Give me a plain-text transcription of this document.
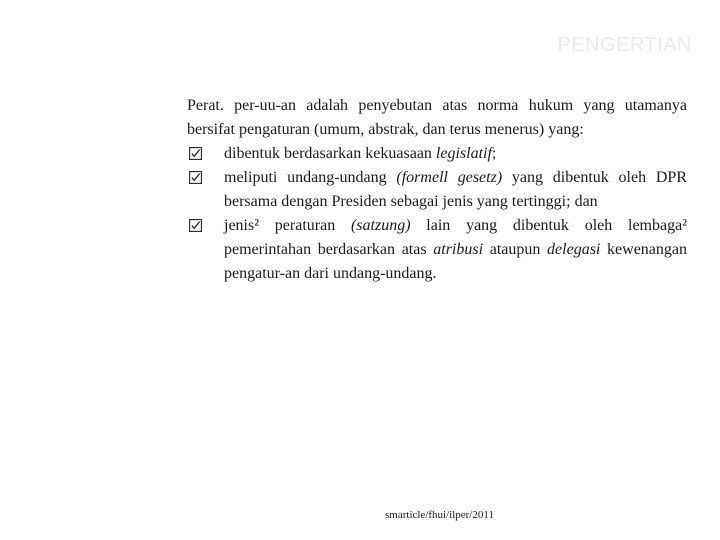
PENGERTIAN

Perat. per-uu-an adalah penyebutan atas norma hukum yang utamanya bersifat pengaturan (umum, abstrak, dan terus menerus) yang:

dibentuk berdasarkan kekuasaan legislatif;
meliputi undang-undang (formell gesetz) yang dibentuk oleh DPR bersama dengan Presiden sebagai jenis yang tertinggi; dan
jenis² peraturan (satzung) lain yang dibentuk oleh lembaga² pemerintahan berdasarkan atas atribusi ataupun delegasi kewenangan pengatur-an dari undang-undang.
smarticle/fhui/ilper/2011
